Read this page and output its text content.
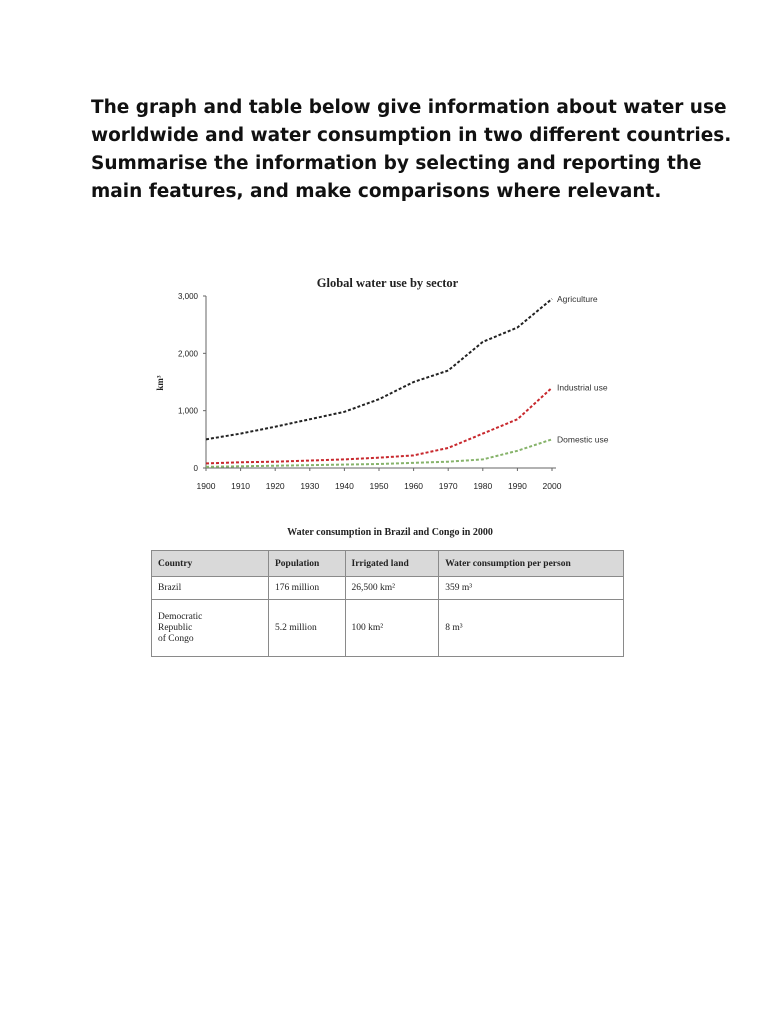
The graph and table below give information about water use
worldwide and water consumption in two different countries.
Summarise the information by selecting and reporting the
main features, and make comparisons where relevant.
Global water use by sector
0
1,000
2,000
3,000
1900 1910 1920 1930 1940 1950 1960 1970 1980 1990 2000
km³
Agriculture
Industrial use
Domestic use
Water consumption in Brazil and Congo in 2000
Country	Population	Irrigated land	Water consumption per person
Brazil	176 million	26,500 km²	359 m³
Democratic
Republic
of Congo	5.2 million	100 km²	8 m³
